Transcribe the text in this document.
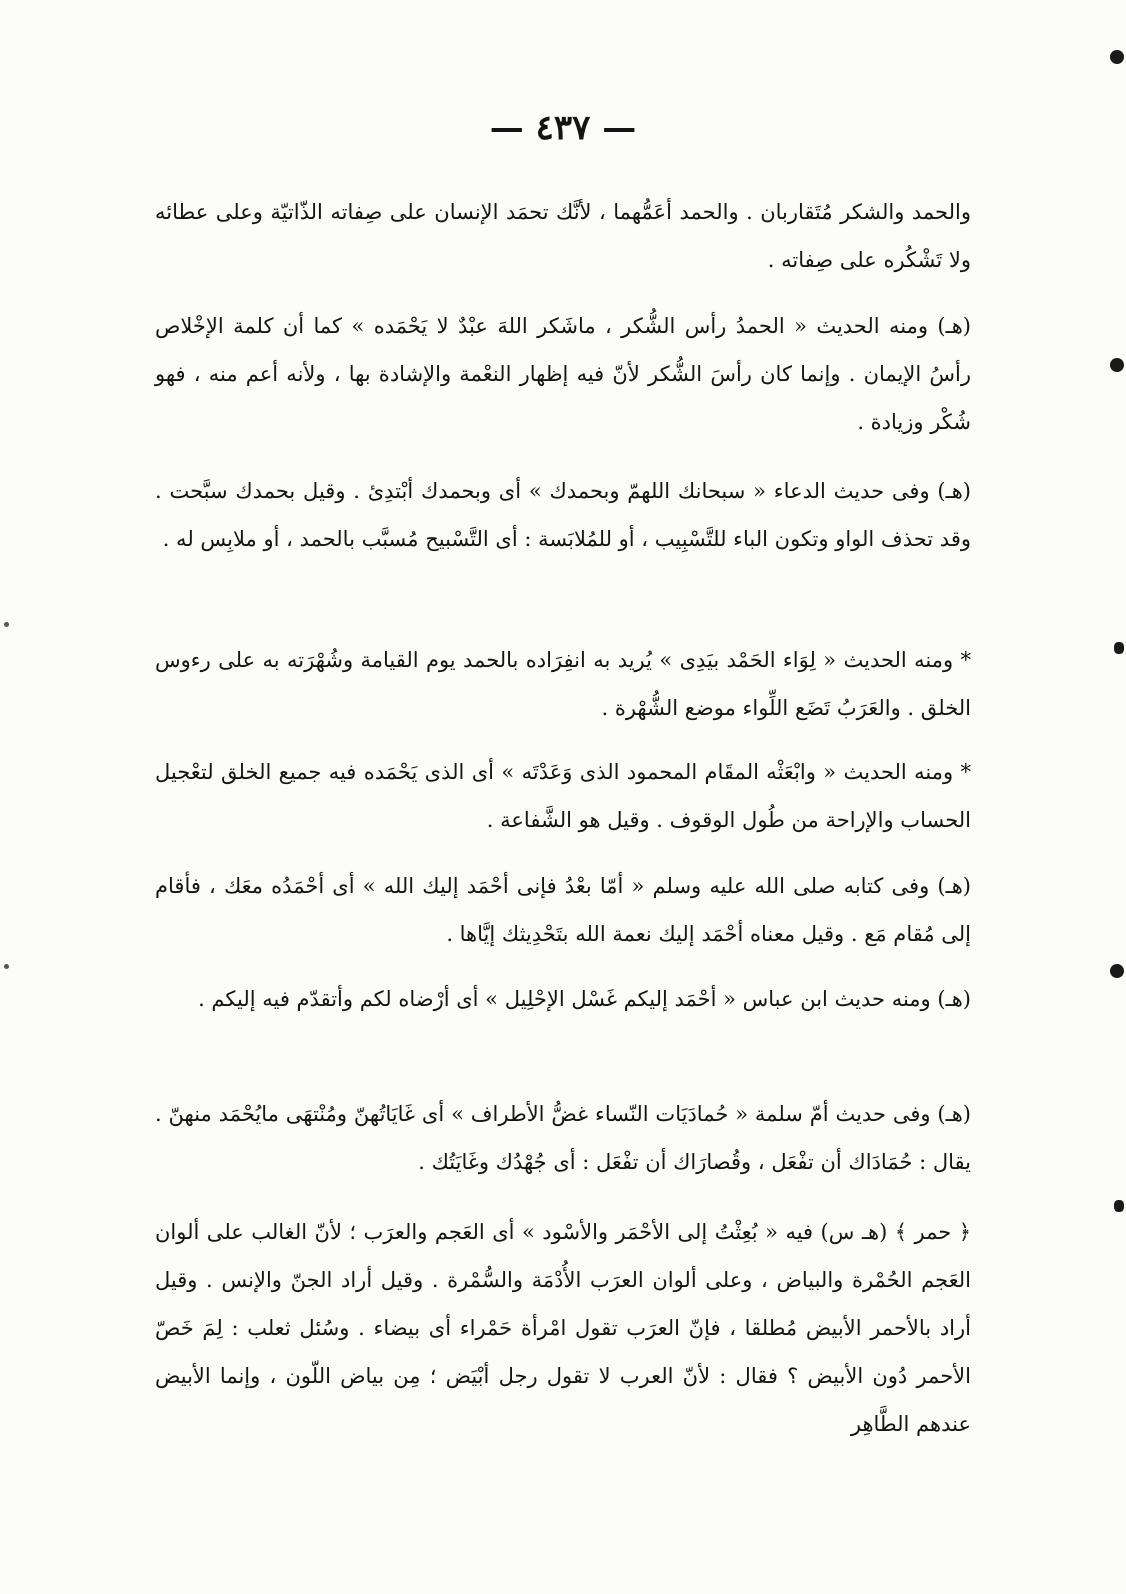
— ٤٣٧ —

والحمد والشكر مُتَقاربان . والحمد أعَمُّهما ، لأنَّك تحمَد الإنسان على صِفاته الذّاتيّة وعلى عطائه ولا تَشْكُره على صِفاته .

(هـ) ومنه الحديث « الحمدُ رأس الشُّكر ، ماشَكر اللهَ عبْدٌ لا يَحْمَده » كما أن كلمة الإخْلاص رأسُ الإيمان . وإنما كان رأسَ الشُّكر لأنّ فيه إظهار النعْمة والإشادة بها ، ولأنه أعم منه ، فهو شُكْر وزيادة .

(هـ) وفى حديث الدعاء « سبحانك اللهمّ وبحمدك » أى وبحمدك أبْتدِئ . وقيل بحمدك سبَّحت . وقد تحذف الواو وتكون الباء للتَّسْبِيب ، أو للمُلابَسة : أى التَّسْبيح مُسبَّب بالحمد ، أو ملابِس له .

* ومنه الحديث « لِوَاء الحَمْد بيَدِى » يُريد به انفِرَاده بالحمد يوم القيامة وشُهْرَته به على رءوس الخلق . والعَرَبُ تَضَع اللِّواء موضع الشُّهْرة .

* ومنه الحديث « وابْعَثْه المقَام المحمود الذى وَعَدْتَه » أى الذى يَحْمَده فيه جميع الخلق لتعْجيل الحساب والإراحة من طُول الوقوف . وقيل هو الشَّفاعة .

(هـ) وفى كتابه صلى الله عليه وسلم « أمّا بعْدُ فإنى أحْمَد إليك الله » أى أحْمَدُه معَك ، فأقام إلى مُقام مَع . وقيل معناه أحْمَد إليك نعمة الله بتَحْدِيثك إيَّاها .

(هـ) ومنه حديث ابن عباس « أحْمَد إليكم غَسْل الإحْلِيل » أى أرْضاه لكم وأتقدّم فيه إليكم .

(هـ) وفى حديث أمّ سلمة « حُمادَيَات النّساء غضُّ الأطراف » أى غَايَاتُهنّ ومُنْتهَى مايُحْمَد منهنّ . يقال : حُمَادَاك أن تفْعَل ، وقُصارَاك أن تفْعَل : أى جُهْدُك وغَايَتُك .

﴿ حمر ﴾ (هـ س) فيه « بُعِثْتُ إلى الأحْمَر والأسْود » أى العَجم والعرَب ؛ لأنّ الغالب على ألوان العَجم الحُمْرة والبياض ، وعلى ألوان العرَب الأُدْمَة والسُّمْرة . وقيل أراد الجنّ والإنس . وقيل أراد بالأحمر الأبيض مُطلقا ، فإنّ العرَب تقول امْرأة حَمْراء أى بيضاء . وسُئل ثعلب : لِمَ خَصّ الأحمر دُون الأبيض ؟ فقال : لأنّ العرب لا تقول رجل أبْيَض ؛ مِن بياض اللّون ، وإنما الأبيض عندهم الطَّاهِر
